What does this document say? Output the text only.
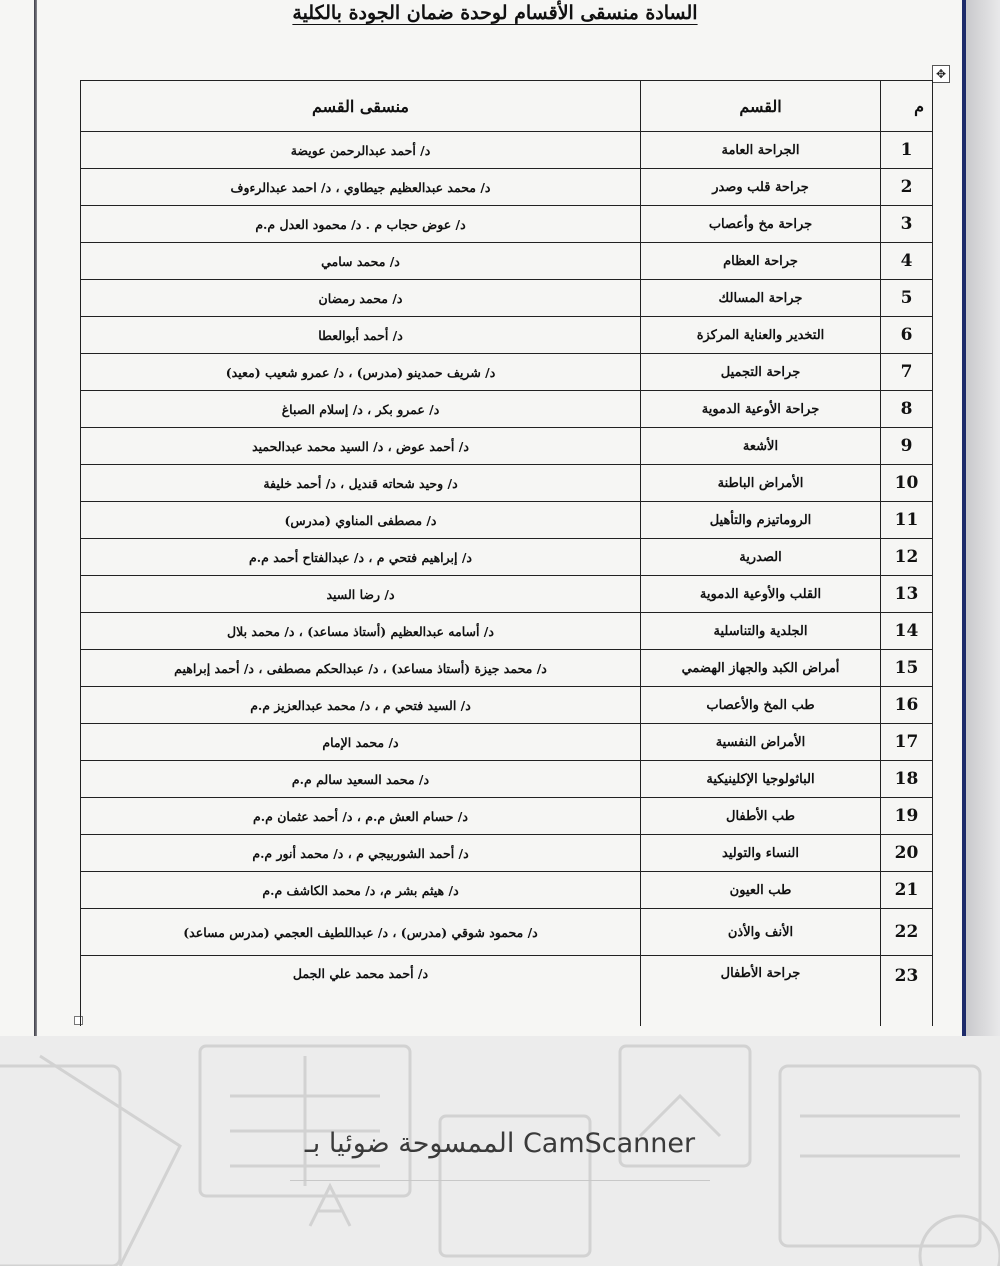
السادة منسقى الأقسام لوحدة ضمان الجودة بالكلية
✥
م	القسم	منسقى القسم
1	الجراحة العامة	د/ أحمد عبدالرحمن عويضة
2	جراحة قلب وصدر	د/ محمد عبدالعظيم جيطاوي ، د/ احمد عبدالرءوف
3	جراحة مخ وأعصاب	د/ عوض حجاب م . د/ محمود العدل م.م
4	جراحة العظام	د/ محمد سامي
5	جراحة المسالك	د/ محمد رمضان
6	التخدير والعناية المركزة	د/ أحمد أبوالعطا
7	جراحة التجميل	د/ شريف حمدينو (مدرس) ، د/ عمرو شعيب (معيد)
8	جراحة الأوعية الدموية	د/ عمرو بكر ، د/ إسلام الصباغ
9	الأشعة	د/ أحمد عوض ، د/ السيد محمد عبدالحميد
10	الأمراض الباطنة	د/ وحيد شحاته قنديل ، د/ أحمد خليفة
11	الروماتيزم والتأهيل	د/ مصطفى المناوي (مدرس)
12	الصدرية	د/ إبراهيم فتحي م ، د/ عبدالفتاح أحمد م.م
13	القلب والأوعية الدموية	د/ رضا السيد
14	الجلدية والتناسلية	د/ أسامه عبدالعظيم (أستاذ مساعد) ، د/ محمد بلال
15	أمراض الكبد والجهاز الهضمي	د/ محمد جيزة (أستاذ مساعد) ، د/ عبدالحكم مصطفى ، د/ أحمد إبراهيم
16	طب المخ والأعصاب	د/ السيد فتحي م ، د/ محمد عبدالعزيز م.م
17	الأمراض النفسية	د/ محمد الإمام
18	الباثولوجيا الإكلينيكية	د/ محمد السعيد سالم م.م
19	طب الأطفال	د/ حسام العش م.م ، د/ أحمد عثمان م.م
20	النساء والتوليد	د/ أحمد الشوربيجي م ، د/ محمد أنور م.م
21	طب العيون	د/ هيثم بشر م، د/ محمد الكاشف م.م
22	الأنف والأذن	د/ محمود شوقي (مدرس) ، د/ عبداللطيف العجمي (مدرس مساعد)
23	جراحة الأطفال	د/ أحمد محمد علي الجمل
الممسوحة ضوئيا بـ CamScanner
